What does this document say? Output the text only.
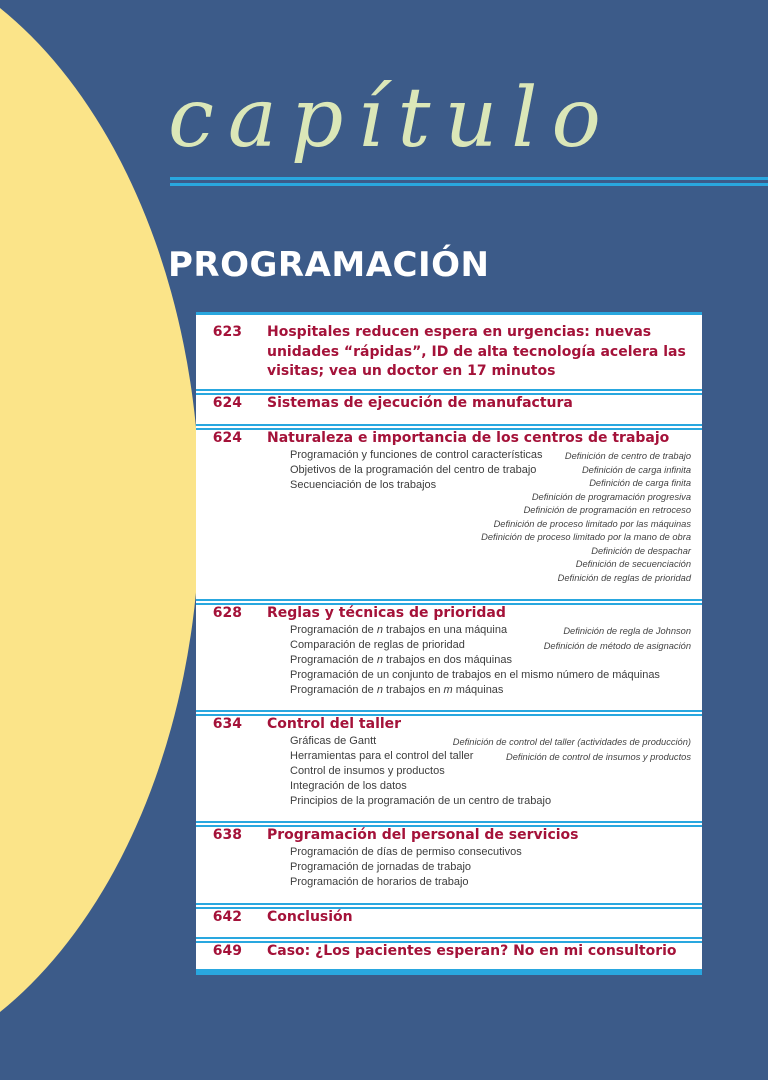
capítulo
PROGRAMACIÓN
623 Hospitales reducen espera en urgencias: nuevas unidades “rápidas”, ID de alta tecnología acelera las visitas; vea un doctor en 17 minutos
624 Sistemas de ejecución de manufactura
624 Naturaleza e importancia de los centros de trabajo
Programación y funciones de control características
Objetivos de la programación del centro de trabajo
Secuenciación de los trabajos
Definición de centro de trabajo
Definición de carga infinita
Definición de carga finita
Definición de programación progresiva
Definición de programación en retroceso
Definición de proceso limitado por las máquinas
Definición de proceso limitado por la mano de obra
Definición de despachar
Definición de secuenciación
Definición de reglas de prioridad
628 Reglas y técnicas de prioridad
Programación de n trabajos en una máquina
Comparación de reglas de prioridad
Programación de n trabajos en dos máquinas
Programación de un conjunto de trabajos en el mismo número de máquinas
Programación de n trabajos en m máquinas
Definición de regla de Johnson
Definición de método de asignación
634 Control del taller
Gráficas de Gantt
Herramientas para el control del taller
Control de insumos y productos
Integración de los datos
Principios de la programación de un centro de trabajo
Definición de control del taller (actividades de producción)
Definición de control de insumos y productos
638 Programación del personal de servicios
Programación de días de permiso consecutivos
Programación de jornadas de trabajo
Programación de horarios de trabajo
642 Conclusión
649 Caso: ¿Los pacientes esperan? No en mi consultorio
